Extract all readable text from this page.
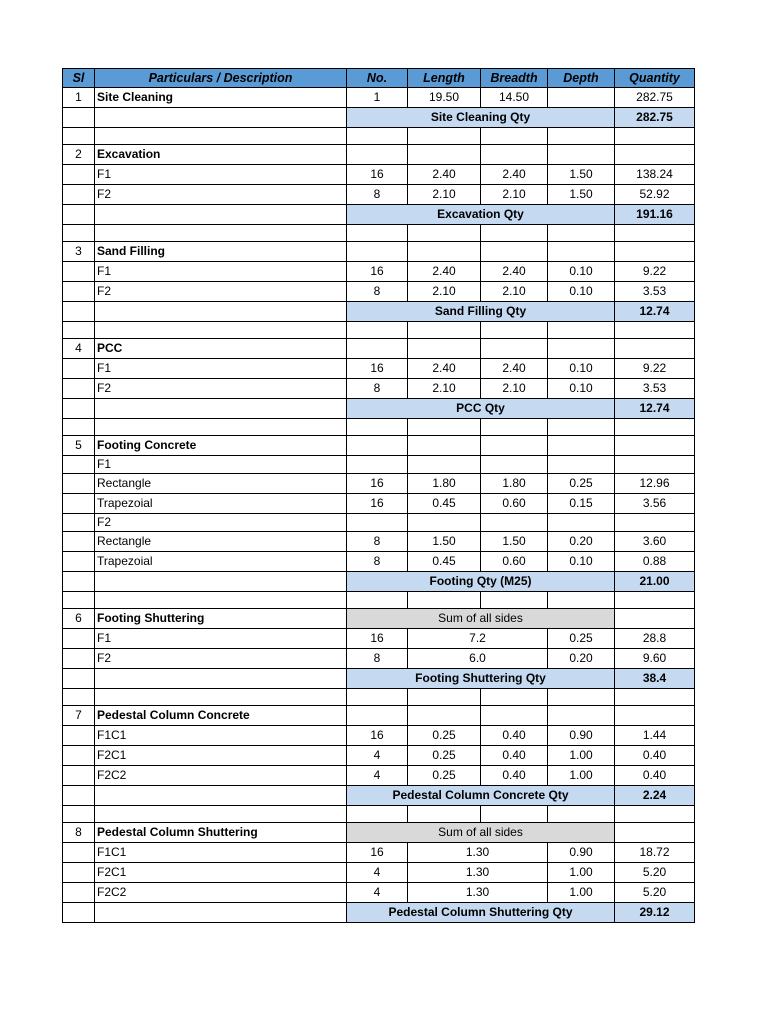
Sl	Particulars / Description	No.	Length	Breadth	Depth	Quantity
1	Site Cleaning	1	19.50	14.50		282.75
		Site Cleaning Qty				282.75

2	Excavation					
	F1	16	2.40	2.40	1.50	138.24
	F2	8	2.10	2.10	1.50	52.92
		Excavation Qty				191.16

3	Sand Filling					
	F1	16	2.40	2.40	0.10	9.22
	F2	8	2.10	2.10	0.10	3.53
		Sand Filling Qty				12.74

4	PCC					
	F1	16	2.40	2.40	0.10	9.22
	F2	8	2.10	2.10	0.10	3.53
		PCC Qty				12.74

5	Footing Concrete					
	F1					
	Rectangle	16	1.80	1.80	0.25	12.96
	Trapezoial	16	0.45	0.60	0.15	3.56
	F2					
	Rectangle	8	1.50	1.50	0.20	3.60
	Trapezoial	8	0.45	0.60	0.10	0.88
		Footing Qty (M25)				21.00

6	Footing Shuttering	Sum of all sides				
	F1	16	7.2		0.25	28.8
	F2	8	6.0		0.20	9.60
		Footing Shuttering Qty				38.4

7	Pedestal Column Concrete					
	F1C1	16	0.25	0.40	0.90	1.44
	F2C1	4	0.25	0.40	1.00	0.40
	F2C2	4	0.25	0.40	1.00	0.40
		Pedestal Column Concrete Qty				2.24

8	Pedestal Column Shuttering	Sum of all sides				
	F1C1	16	1.30		0.90	18.72
	F2C1	4	1.30		1.00	5.20
	F2C2	4	1.30		1.00	5.20
		Pedestal Column Shuttering Qty				29.12
